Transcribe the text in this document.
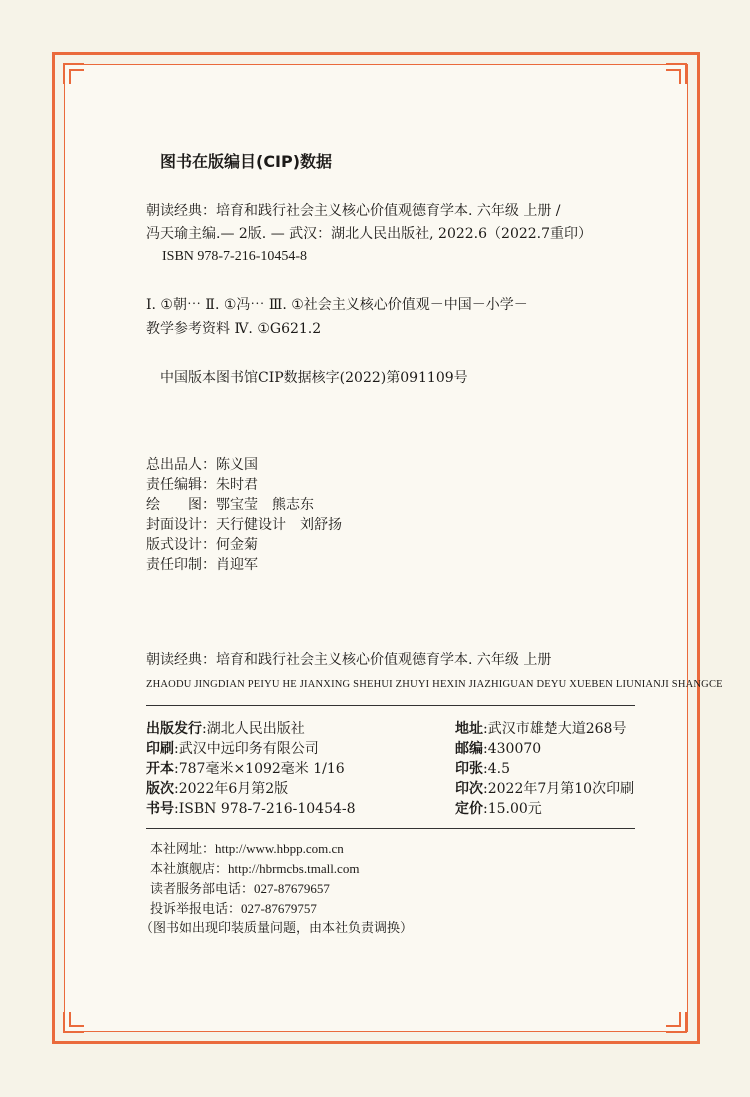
图书在版编目(CIP)数据
朝读经典：培育和践行社会主义核心价值观德育学本. 六年级 上册 /
冯天瑜主编.— 2版. — 武汉：湖北人民出版社, 2022.6（2022.7重印）
ISBN 978-7-216-10454-8
Ⅰ. ①朝⋯ Ⅱ. ①冯⋯ Ⅲ. ①社会主义核心价值观－中国－小学－
教学参考资料 Ⅳ. ①G621.2
中国版本图书馆CIP数据核字(2022)第091109号
总出品人：陈义国
责任编辑：朱时君
绘　　图：鄂宝莹　熊志东
封面设计：天行健设计　刘舒扬
版式设计：何金菊
责任印制：肖迎军
朝读经典：培育和践行社会主义核心价值观德育学本. 六年级 上册
ZHAODU JINGDIAN PEIYU HE JIANXING SHEHUI ZHUYI HEXIN JIAZHIGUAN DEYU XUEBEN LIUNIANJI SHANGCE
出版发行:湖北人民出版社
印刷:武汉中远印务有限公司
开本:787毫米×1092毫米 1/16
版次:2022年6月第2版
书号:ISBN 978-7-216-10454-8
地址:武汉市雄楚大道268号
邮编:430070
印张:4.5
印次:2022年7月第10次印刷
定价:15.00元
本社网址：http://www.hbpp.com.cn
本社旗舰店：http://hbrmcbs.tmall.com
读者服务部电话：027-87679657
投诉举报电话：027-87679757
（图书如出现印装质量问题，由本社负责调换）
